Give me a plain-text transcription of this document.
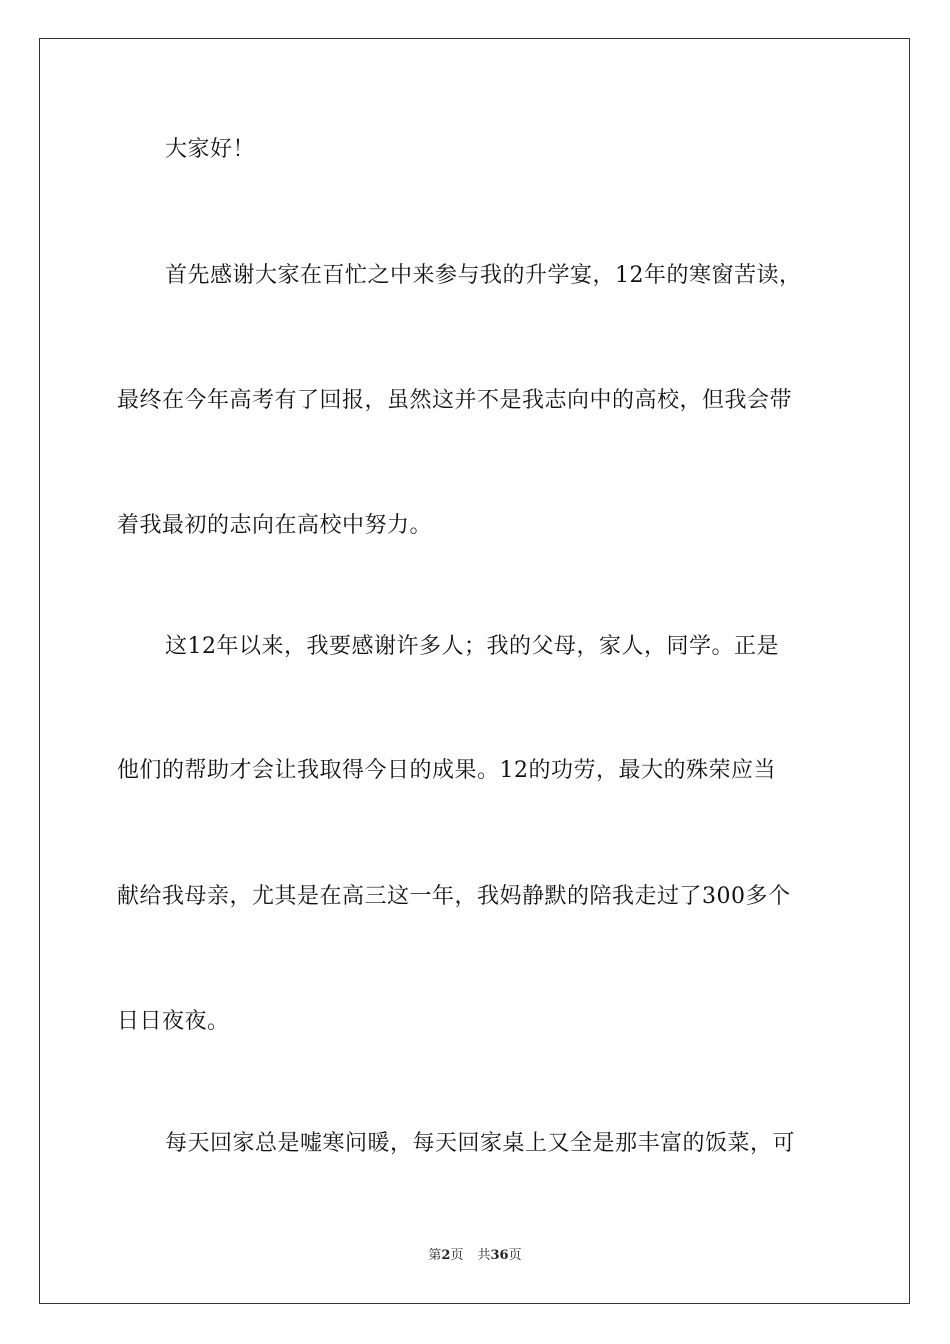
大家好！
首先感谢大家在百忙之中来参与我的升学宴，12年的寒窗苦读，
最终在今年高考有了回报，虽然这并不是我志向中的高校，但我会带
着我最初的志向在高校中努力。
这12年以来，我要感谢许多人；我的父母，家人，同学。正是
他们的帮助才会让我取得今日的成果。12的功劳，最大的殊荣应当
献给我母亲，尤其是在高三这一年，我妈静默的陪我走过了300多个
日日夜夜。
每天回家总是嘘寒问暖，每天回家桌上又全是那丰富的饭菜，可
第2页 共36页
